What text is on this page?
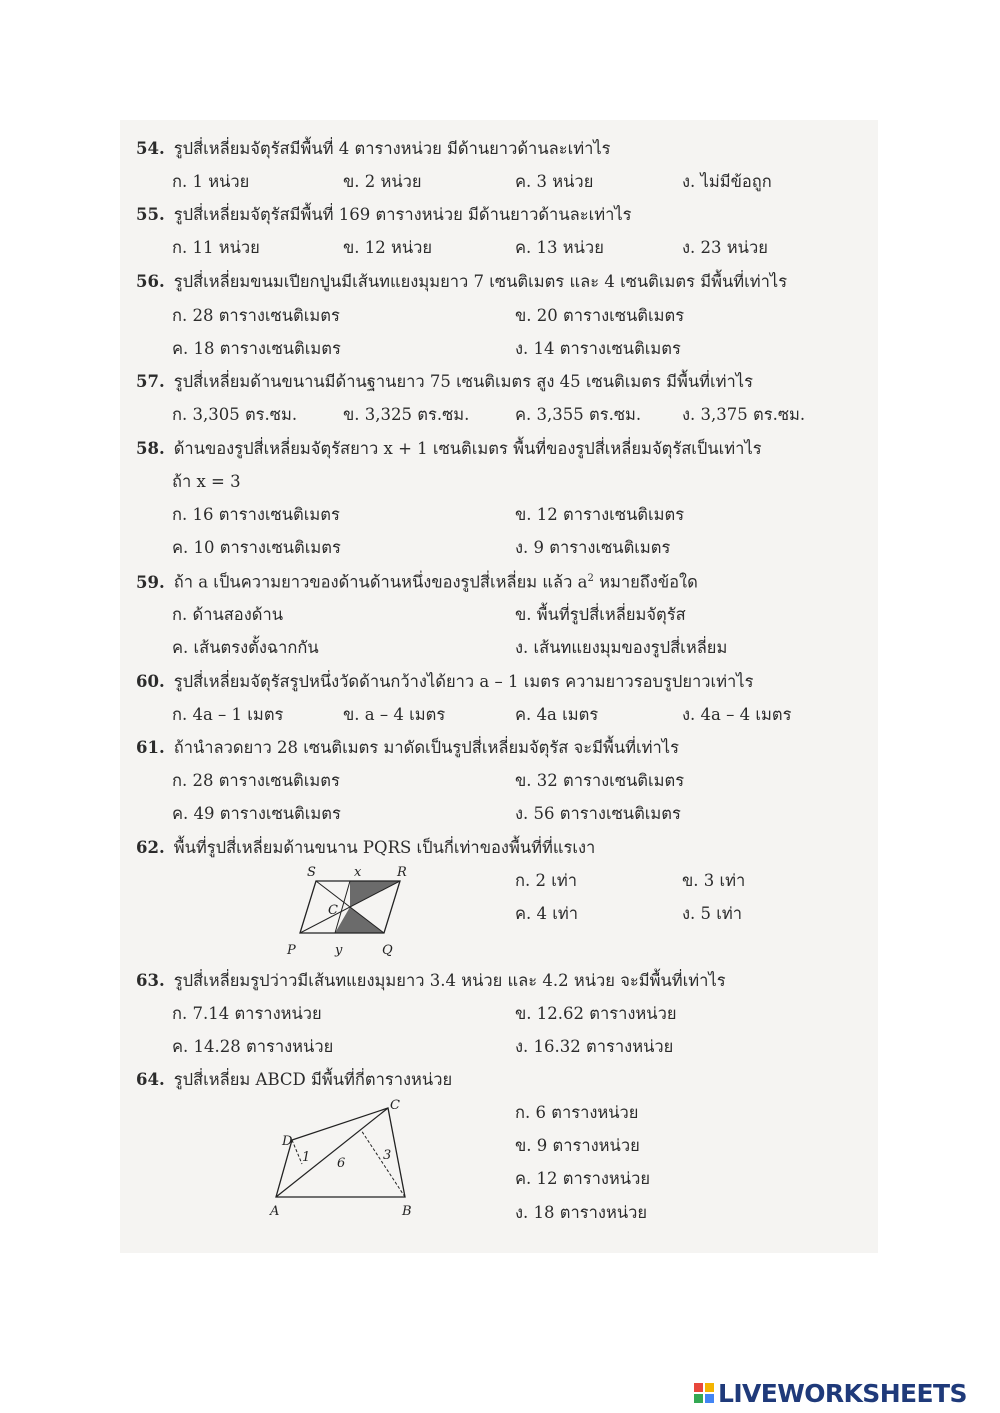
54. รูปสี่เหลี่ยมจัตุรัสมีพื้นที่ 4 ตารางหน่วย มีด้านยาวด้านละเท่าไร
ก. 1 หน่วย	ข. 2 หน่วย	ค. 3 หน่วย	ง. ไม่มีข้อถูก
55. รูปสี่เหลี่ยมจัตุรัสมีพื้นที่ 169 ตารางหน่วย มีด้านยาวด้านละเท่าไร
ก. 11 หน่วย	ข. 12 หน่วย	ค. 13 หน่วย	ง. 23 หน่วย
56. รูปสี่เหลี่ยมขนมเปียกปูนมีเส้นทแยงมุมยาว 7 เซนติเมตร และ 4 เซนติเมตร มีพื้นที่เท่าไร
ก. 28 ตารางเซนติเมตร	ข. 20 ตารางเซนติเมตร
ค. 18 ตารางเซนติเมตร	ง. 14 ตารางเซนติเมตร
57. รูปสี่เหลี่ยมด้านขนานมีด้านฐานยาว 75 เซนติเมตร สูง 45 เซนติเมตร มีพื้นที่เท่าไร
ก. 3,305 ตร.ซม.	ข. 3,325 ตร.ซม.	ค. 3,355 ตร.ซม. ง. 3,375 ตร.ซม.
58. ด้านของรูปสี่เหลี่ยมจัตุรัสยาว x + 1 เซนติเมตร พื้นที่ของรูปสี่เหลี่ยมจัตุรัสเป็นเท่าไร
ถ้า x = 3
ก. 16 ตารางเซนติเมตร	ข. 12 ตารางเซนติเมตร
ค. 10 ตารางเซนติเมตร	ง. 9 ตารางเซนติเมตร
59. ถ้า a เป็นความยาวของด้านด้านหนึ่งของรูปสี่เหลี่ยม แล้ว $a^2$ หมายถึงข้อใด
ก. ด้านสองด้าน	ข. พื้นที่รูปสี่เหลี่ยมจัตุรัส
ค. เส้นตรงตั้งฉากกัน	ง. เส้นทแยงมุมของรูปสี่เหลี่ยม
60. รูปสี่เหลี่ยมจัตุรัสรูปหนึ่งวัดด้านกว้างได้ยาว a – 1 เมตร ความยาวรอบรูปยาวเท่าไร
ก. 4a – 1 เมตร	ข. a – 4 เมตร	ค. 4a เมตร	ง. 4a – 4 เมตร
61. ถ้านำลวดยาว 28 เซนติเมตร มาดัดเป็นรูปสี่เหลี่ยมจัตุรัส จะมีพื้นที่เท่าไร
ก. 28 ตารางเซนติเมตร	ข. 32 ตารางเซนติเมตร
ค. 49 ตารางเซนติเมตร	ง. 56 ตารางเซนติเมตร
62. พื้นที่รูปสี่เหลี่ยมด้านขนาน PQRS เป็นกี่เท่าของพื้นที่ที่แรเงา
S	x	R
C
P	y	Q
ก. 2 เท่า	ข. 3 เท่า
ค. 4 เท่า	ง. 5 เท่า
63. รูปสี่เหลี่ยมรูปว่าวมีเส้นทแยงมุมยาว 3.4 หน่วย และ 4.2 หน่วย จะมีพื้นที่เท่าไร
ก. 7.14 ตารางหน่วย	ข. 12.62 ตารางหน่วย
ค. 14.28 ตารางหน่วย	ง. 16.32 ตารางหน่วย
64. รูปสี่เหลี่ยม ABCD มีพื้นที่กี่ตารางหน่วย
A	B
C
D
1 6
3
ก. 6 ตารางหน่วย
ข. 9 ตารางหน่วย
ค. 12 ตารางหน่วย
ง. 18 ตารางหน่วย
LIVEWORKSHEETS
